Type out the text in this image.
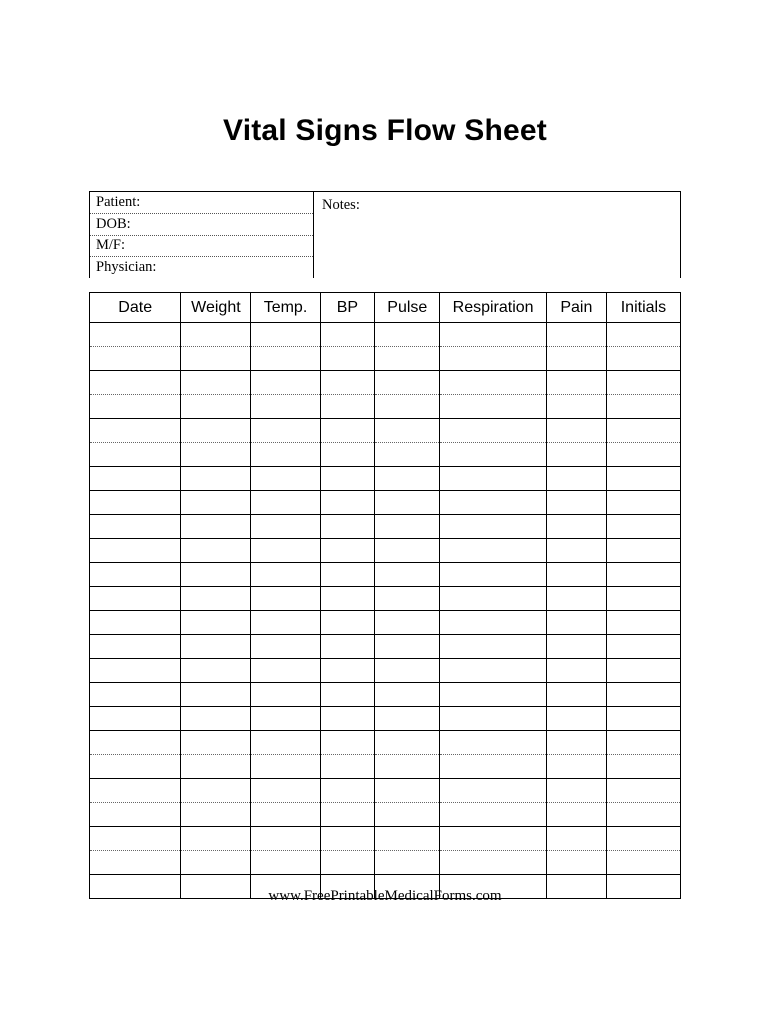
Vital Signs Flow Sheet
Patient:
DOB:
M/F:
Physician:
Notes:
Date	Weight	Temp.	BP	Pulse	Respiration	Pain	Initials

www.FreePrintableMedicalForms.com
